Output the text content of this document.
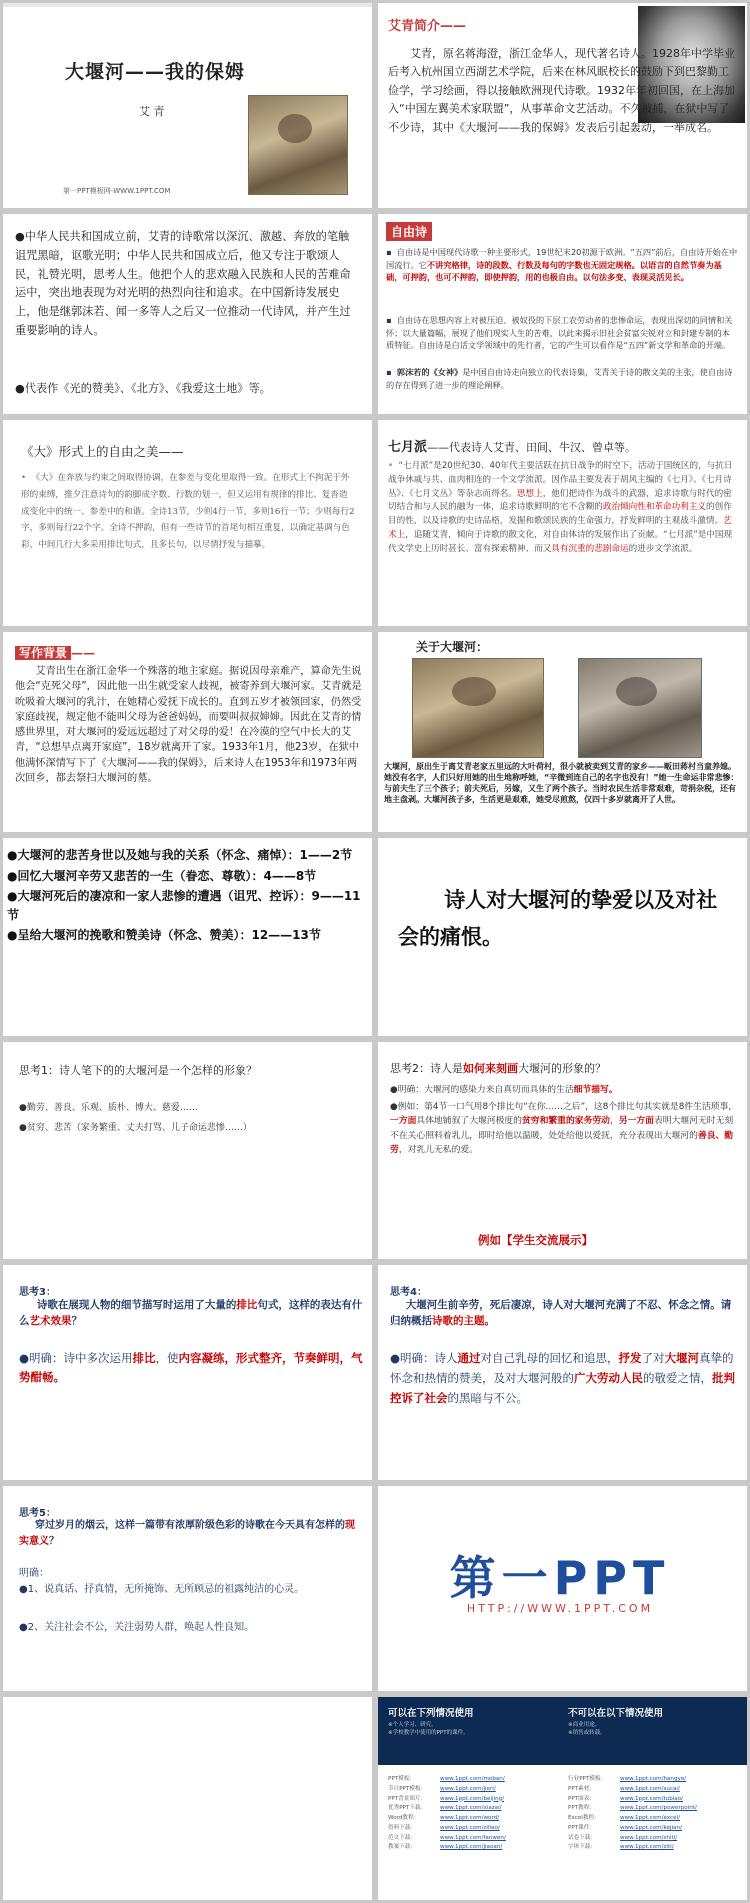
大堰河——我的保姆
艾 青
第一PPT模板网-WWW.1PPT.COM
艾青简介——
艾青，原名蒋海澄，浙江金华人，现代著名诗人。1928年中学毕业后考入杭州国立西湖艺术学院，后来在林风眠校长的鼓励下到巴黎勤工俭学，学习绘画，得以接触欧洲现代诗歌。1932年年初回国，在上海加入“中国左翼美术家联盟”，从事革命文艺活动。不久被捕，在狱中写了不少诗，其中《大堰河——我的保姆》发表后引起轰动，一举成名。
●中华人民共和国成立前，艾青的诗歌常以深沉、激越、奔放的笔触诅咒黑暗，讴歌光明；中华人民共和国成立后，他又专注于歌颂人民，礼赞光明，思考人生。他把个人的悲欢融入民族和人民的苦难命运中，突出地表现为对光明的热烈向往和追求。在中国新诗发展史上，他是继郭沫若、闻一多等人之后又一位推动一代诗风，并产生过重要影响的诗人。
●代表作《光的赞美》、《北方》、《我爱这土地》等。
自由诗
▪ 自由诗是中国现代诗歌一种主要形式，19世纪末20初源于欧洲。“五四”前后，自由诗开始在中国流行。它不讲究格律，诗的段数、行数及每句的字数也无固定规格。以语言的自然节奏为基础，可押韵，也可不押韵，即使押韵，用的也极自由。以句法多变、表现灵活见长。
▪ 自由诗在思想内容上对被压迫、被奴役的下层工农劳动者的悲惨命运，表现出深切的同情和关怀；以大量篇幅，展现了他们现实人生的苦难，以此来揭示旧社会贫富尖锐对立和封建专制的本质特征。自由诗是白话文学领域中的先行者，它的产生可以看作是“五四”新文学和革命的开端。
▪ 郭沫若的《女神》是中国自由诗走向独立的代表诗集，艾青关于诗的散文美的主张，使自由诗的存在得到了进一步的理论阐释。
《大》形式上的自由之美——
• 《大》在奔放与约束之间取得协调，在参差与变化里取得一致。在形式上不拘泥于外形的束缚，推夕注意诗句的韵脚成字数、行数的划一，但又运用有规律的排比、复沓造成变化中的统一、参差中的和谐。全诗13节，少则4行一节，多则16行一节；少则每行2字，多则每行22个字。全诗不押韵，但有一些诗节的首尾句相互重复，以确定基调与色彩，中间几行大多采用排比句式，且多长句，以尽情抒发与描摹。
七月派——代表诗人艾青、田间、牛汉、曾卓等。
• “七月派”是20世纪30、40年代主要活跃在抗日战争的时空下，活动于国统区的，与抗日战争休戚与共、血肉相连的一个文学流派。因作品主要发表于胡风主编的《七月》、《七月诗丛》、《七月文丛》等杂志而得名。思想上，他们把诗作为战斗的武器，追求诗歌与时代的密切结合和与人民的融为一体，追求诗歌鲜明的宅不含糊的政治倾向性和革命功利主义的创作目的性，以及诗歌的史诗品格，发掘和歌颂民族的生命强力，抒发鲜明的主观战斗激情。艺术上，追随艾青，倾向于诗歌的散文化，对自由体诗的发展作出了贡献。“七月派”是中国现代文学史上历时甚长、富有探索精神、而又具有沉重的悲剧命运的进步文学流派。
写作背景 ——
艾青出生在浙江金华一个殊落的地主家庭。据说因母亲难产，算命先生说他会“克死父母”，因此他一出生就受家人歧视，被寄养到大堰河家。艾青就是吮吸着大堰河的乳汁，在她精心爱抚下成长的。直到五岁才被领回家，仍然受家庭歧视，规定他不能叫父母为爸爸妈妈，而要叫叔叔婶婶。因此在艾青的情感世界里，对大堰河的爱远远超过了对父母的爱！在冷漠的空气中长大的艾青，“总想早点离开家庭”，18岁就离开了家。1933年1月，他23岁，在狱中他满怀深情写下了《大堰河——我的保姆》，后来诗人在1953年和1973年两次回乡，都去祭扫大堰河的墓。
关于大堰河：
大堰河，原出生于离艾青老家五里远的大叶荷村，很小就被卖到艾青的家乡——畈田蒋村当童养媳。她没有名字，人们只好用她的出生地称呼她，“辛微到连自己的名字也没有！”她一生命运非常悲惨：与前夫生了三个孩子；前夫死后，另嫁，又生了两个孩子。当时农民生活非常艰难，苛捐杂税，还有地主盘剥。大堰河孩子多，生活更是艰难，她受尽煎熬，仅四十多岁就离开了人世。
●大堰河的悲苦身世以及她与我的关系（怀念、痛悼）：1——2节
●回忆大堰河辛劳又悲苦的一生（眷恋、尊敬）：4——8节
●大堰河死后的凄凉和一家人悲惨的遭遇（诅咒、控诉）：9——11节
●呈给大堰河的挽歌和赞美诗（怀念、赞美）：12——13节
诗人对大堰河的挚爱以及对社会的痛恨。
思考1：诗人笔下的的大堰河是一个怎样的形象？
●勤劳、善良、乐观、质朴、博大、慈爱……
●贫穷、悲苦（家务繁重、丈夫打骂、儿子命运悲惨……）
思考2：诗人是如何来刻画大堰河的形象的？
●明确：大堰河的感染力来自真切而具体的生活细节描写。
●例如：第4节一口气用8个排比句“在你……之后”，这8个排比句其实就是8件生活琐事，一方面具体地铺叙了大堰河极度的贫穷和繁重的家务劳动，另一方面表明大堰河无时无刻不在关心照料着乳儿，即时给他以温暖，处处给他以爱抚，充分表现出大堰河的善良、勤劳，对乳儿无私的爱。
例如【学生交流展示】
思考3：
诗歌在展现人物的细节描写时运用了大量的排比句式，这样的表达有什么艺术效果？
●明确：诗中多次运用排比，使内容凝练，形式整齐，节奏鲜明，气势酣畅。
思考4：
大堰河生前辛劳，死后凄凉，诗人对大堰河充满了不忍、怀念之情。请归纳概括诗歌的主题。
●明确：诗人通过对自己乳母的回忆和追思，抒发了对大堰河真挚的怀念和热情的赞美，及对大堰河般的广大劳动人民的敬爱之情，批判控诉了社会的黑暗与不公。
思考5：
穿过岁月的烟云，这样一篇带有浓厚阶级色彩的诗歌在今天具有怎样的现实意义？
明确：
●1、说真话、抒真情，无所掩饰、无所顾忌的祖露纯洁的心灵。
●2、关注社会不公，关注弱势人群，唤起人性良知。
第一PPT
HTTP://WWW.1PPT.COM
可以在下列情况使用
※个人学习、研究。
※学校教学中使用的PPT的课件。
不可以在以下情况使用
※商业用途。
※销售或转载。
PPT模板：	www.1ppt.com/moban/
节日PPT模板： www.1ppt.com/jieri/
PPT背景图片： www.1ppt.com/beijing/
优秀PPT下载： www.1ppt.com/xiazai/
Word教程：	www.1ppt.com/word/
资料下载：	www.1ppt.com/ziliao/
范文下载：	www.1ppt.com/fanwen/
教案下载：	www.1ppt.com/jiaoan/
行业PPT模板： www.1ppt.com/hangye/
PPT素材：	www.1ppt.com/sucai/
PPT图表：	www.1ppt.com/tubiao/
PPT教程：	www.1ppt.com/powerpoint/
Excel教程：	www.1ppt.com/excel/
PPT课件：	www.1ppt.com/kejian/
试卷下载：	www.1ppt.com/shiti/
字体下载：	www.1ppt.com/ziti/
